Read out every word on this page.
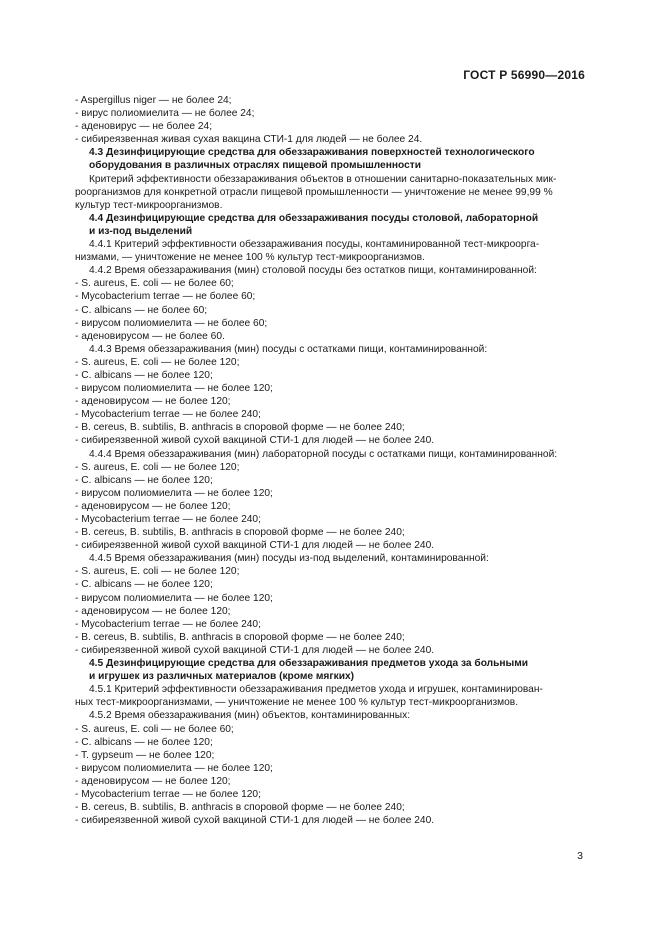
ГОСТ Р 56990—2016
- Aspergillus niger — не более 24;
- вирус полиомиелита — не более 24;
- аденовирус — не более 24;
- сибиреязвенная живая сухая вакцина СТИ-1 для людей — не более 24.
4.3 Дезинфицирующие средства для обеззараживания поверхностей технологического
оборудования в различных отраслях пищевой промышленности
Критерий эффективности обеззараживания объектов в отношении санитарно-показательных мик-
роорганизмов для конкретной отрасли пищевой промышленности — уничтожение не менее 99,99 %
культур тест-микроорганизмов.
4.4 Дезинфицирующие средства для обеззараживания посуды столовой, лабораторной
и из-под выделений
4.4.1 Критерий эффективности обеззараживания посуды, контаминированной тест-микроорга-
низмами, — уничтожение не менее 100 % культур тест-микроорганизмов.
4.4.2 Время обеззараживания (мин) столовой посуды без остатков пищи, контаминированной:
- S. aureus, E. coli — не более 60;
- Mycobacterium terrae — не более 60;
- C. albicans — не более 60;
- вирусом полиомиелита — не более 60;
- аденовирусом — не более 60.
4.4.3 Время обеззараживания (мин) посуды с остатками пищи, контаминированной:
- S. aureus, E. coli — не более 120;
- C. albicans — не более 120;
- вирусом полиомиелита — не более 120;
- аденовирусом — не более 120;
- Mycobacterium terrae — не более 240;
- B. cereus, B. subtilis, B. anthracis в споровой форме — не более 240;
- сибиреязвенной живой сухой вакциной СТИ-1 для людей — не более 240.
4.4.4 Время обеззараживания (мин) лабораторной посуды с остатками пищи, контаминированной:
- S. aureus, E. coli — не более 120;
- C. albicans — не более 120;
- вирусом полиомиелита — не более 120;
- аденовирусом — не более 120;
- Mycobacterium terrae — не более 240;
- B. cereus, B. subtilis, B. anthracis в споровой форме — не более 240;
- сибиреязвенной живой сухой вакциной СТИ-1 для людей — не более 240.
4.4.5 Время обеззараживания (мин) посуды из-под выделений, контаминированной:
- S. aureus, E. coli — не более 120;
- C. albicans — не более 120;
- вирусом полиомиелита — не более 120;
- аденовирусом — не более 120;
- Mycobacterium terrae — не более 240;
- B. cereus, B. subtilis, B. anthracis в споровой форме — не более 240;
- сибиреязвенной живой сухой вакциной СТИ-1 для людей — не более 240.
4.5 Дезинфицирующие средства для обеззараживания предметов ухода за больными
и игрушек из различных материалов (кроме мягких)
4.5.1 Критерий эффективности обеззараживания предметов ухода и игрушек, контаминирован-
ных тест-микроорганизмами, — уничтожение не менее 100 % культур тест-микроорганизмов.
4.5.2 Время обеззараживания (мин) объектов, контаминированных:
- S. aureus, E. coli — не более 60;
- C. albicans — не более 120;
- T. gypseum — не более 120;
- вирусом полиомиелита — не более 120;
- аденовирусом — не более 120;
- Mycobacterium terrae — не более 120;
- B. cereus, B. subtilis, B. anthracis в споровой форме — не более 240;
- сибиреязвенной живой сухой вакциной СТИ-1 для людей — не более 240.
3
